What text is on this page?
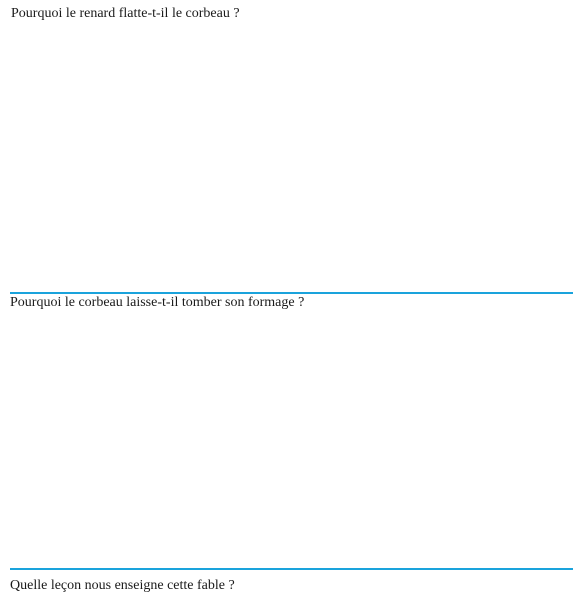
Pourquoi le renard flatte-t-il le corbeau ?
Pourquoi le corbeau laisse-t-il tomber son formage ?
Quelle leçon nous enseigne cette fable ?
